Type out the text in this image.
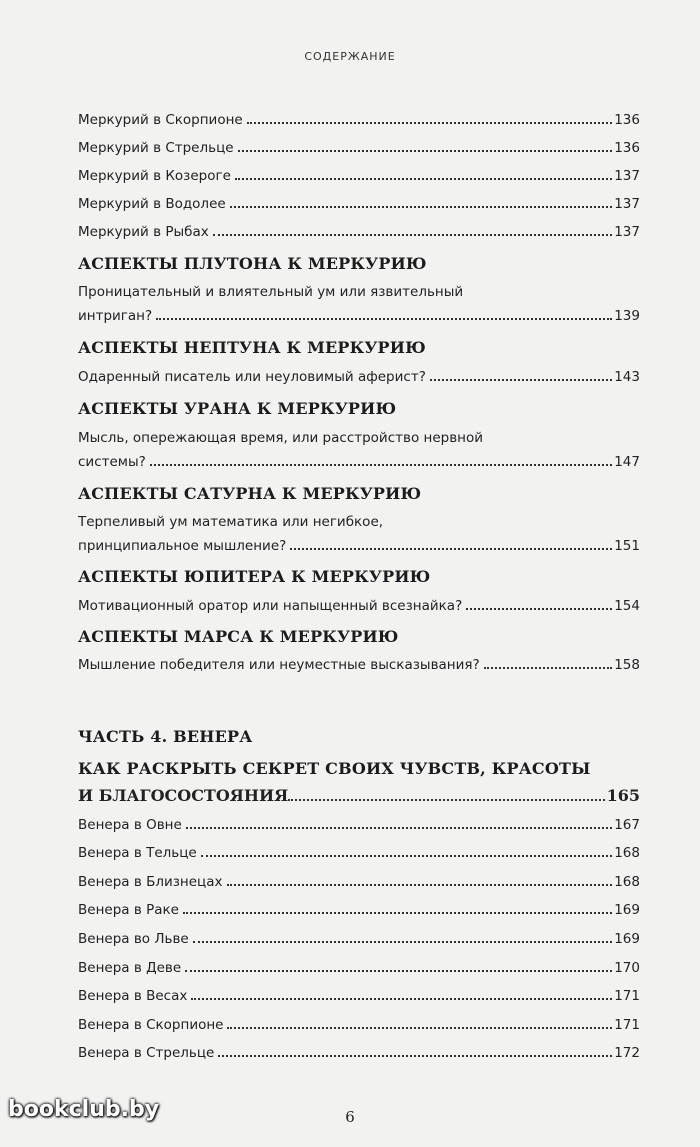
СОДЕРЖАНИЕ
Меркурий в Скорпионе	136
Меркурий в Стрельце	136
Меркурий в Козероге	137
Меркурий в Водолее	137
Меркурий в Рыбах	137
АСПЕКТЫ ПЛУТОНА К МЕРКУРИЮ
Проницательный и влиятельный ум или язвительный
интриган?	139
АСПЕКТЫ НЕПТУНА К МЕРКУРИЮ
Одаренный писатель или неуловимый аферист?	143
АСПЕКТЫ УРАНА К МЕРКУРИЮ
Мысль, опережающая время, или расстройство нервной
системы?	147
АСПЕКТЫ САТУРНА К МЕРКУРИЮ
Терпеливый ум математика или негибкое,
принципиальное мышление?	151
АСПЕКТЫ ЮПИТЕРА К МЕРКУРИЮ
Мотивационный оратор или напыщенный всезнайка?	154
АСПЕКТЫ МАРСА К МЕРКУРИЮ
Мышление победителя или неуместные высказывания?	158
ЧАСТЬ 4. ВЕНЕРА
КАК РАСКРЫТЬ СЕКРЕТ СВОИХ ЧУВСТВ, КРАСОТЫ
И БЛАГОСОСТОЯНИЯ	165
Венера в Овне	167
Венера в Тельце	168
Венера в Близнецах	168
Венера в Раке	169
Венера во Льве	169
Венера в Деве	170
Венера в Весах	171
Венера в Скорпионе	171
Венера в Стрельце	172
6
bookclub.by
